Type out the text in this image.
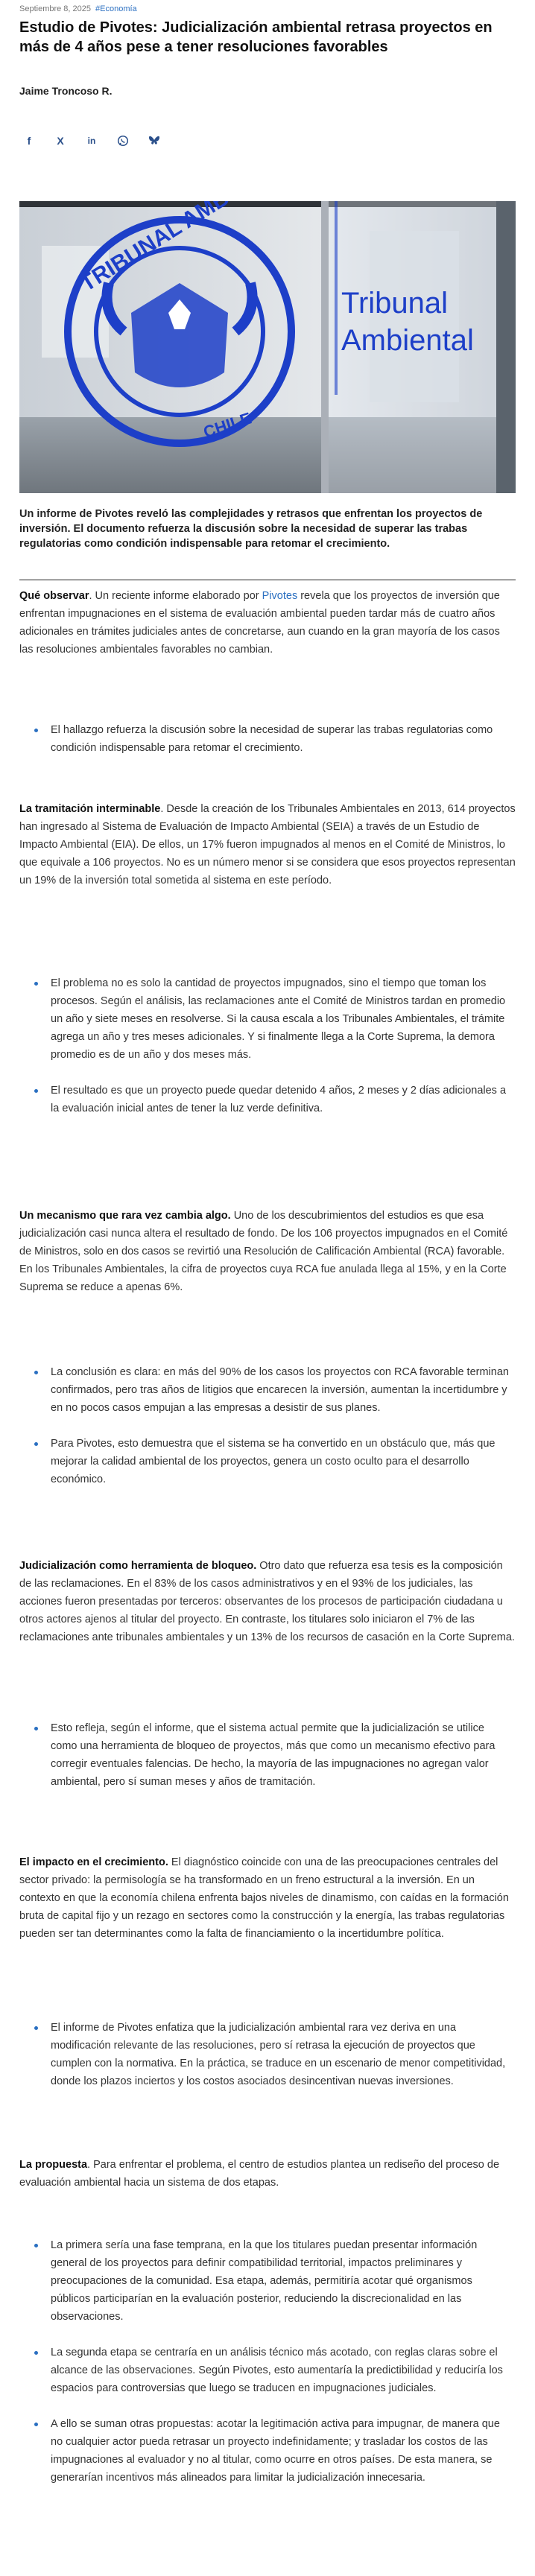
Septiembre 8, 2025 #Economía
Estudio de Pivotes: Judicialización ambiental retrasa proyectos en más de 4 años pese a tener resoluciones favorables
Jaime Troncoso R.
f	X	in
CHILE
Tribunal
Ambiental
Un informe de Pivotes reveló las complejidades y retrasos que enfrentan los proyectos de inversión. El documento refuerza la discusión sobre la necesidad de superar las trabas regulatorias como condición indispensable para retomar el crecimiento.

Qué observar. Un reciente informe elaborado por Pivotes revela que los proyectos de inversión que enfrentan impugnaciones en el sistema de evaluación ambiental pueden tardar más de cuatro años adicionales en trámites judiciales antes de concretarse, aun cuando en la gran mayoría de los casos las resoluciones ambientales favorables no cambian.

El hallazgo refuerza la discusión sobre la necesidad de superar las trabas regulatorias como condición indispensable para retomar el crecimiento.

La tramitación interminable. Desde la creación de los Tribunales Ambientales en 2013, 614 proyectos han ingresado al Sistema de Evaluación de Impacto Ambiental (SEIA) a través de un Estudio de Impacto Ambiental (EIA). De ellos, un 17% fueron impugnados al menos en el Comité de Ministros, lo que equivale a 106 proyectos. No es un número menor si se considera que esos proyectos representan un 19% de la inversión total sometida al sistema en este período.

El problema no es solo la cantidad de proyectos impugnados, sino el tiempo que toman los procesos. Según el análisis, las reclamaciones ante el Comité de Ministros tardan en promedio un año y siete meses en resolverse. Si la causa escala a los Tribunales Ambientales, el trámite agrega un año y tres meses adicionales. Y si finalmente llega a la Corte Suprema, la demora promedio es de un año y dos meses más.
El resultado es que un proyecto puede quedar detenido 4 años, 2 meses y 2 días adicionales a la evaluación inicial antes de tener la luz verde definitiva.

Un mecanismo que rara vez cambia algo. Uno de los descubrimientos del estudios es que esa judicialización casi nunca altera el resultado de fondo. De los 106 proyectos impugnados en el Comité de Ministros, solo en dos casos se revirtió una Resolución de Calificación Ambiental (RCA) favorable. En los Tribunales Ambientales, la cifra de proyectos cuya RCA fue anulada llega al 15%, y en la Corte Suprema se reduce a apenas 6%.

La conclusión es clara: en más del 90% de los casos los proyectos con RCA favorable terminan confirmados, pero tras años de litigios que encarecen la inversión, aumentan la incertidumbre y en no pocos casos empujan a las empresas a desistir de sus planes.
Para Pivotes, esto demuestra que el sistema se ha convertido en un obstáculo que, más que mejorar la calidad ambiental de los proyectos, genera un costo oculto para el desarrollo económico.

Judicialización como herramienta de bloqueo. Otro dato que refuerza esa tesis es la composición de las reclamaciones. En el 83% de los casos administrativos y en el 93% de los judiciales, las acciones fueron presentadas por terceros: observantes de los procesos de participación ciudadana u otros actores ajenos al titular del proyecto. En contraste, los titulares solo iniciaron el 7% de las reclamaciones ante tribunales ambientales y un 13% de los recursos de casación en la Corte Suprema.

Esto refleja, según el informe, que el sistema actual permite que la judicialización se utilice como una herramienta de bloqueo de proyectos, más que como un mecanismo efectivo para corregir eventuales falencias. De hecho, la mayoría de las impugnaciones no agregan valor ambiental, pero sí suman meses y años de tramitación.

El impacto en el crecimiento. El diagnóstico coincide con una de las preocupaciones centrales del sector privado: la permisología se ha transformado en un freno estructural a la inversión. En un contexto en que la economía chilena enfrenta bajos niveles de dinamismo, con caídas en la formación bruta de capital fijo y un rezago en sectores como la construcción y la energía, las trabas regulatorias pueden ser tan determinantes como la falta de financiamiento o la incertidumbre política.

El informe de Pivotes enfatiza que la judicialización ambiental rara vez deriva en una modificación relevante de las resoluciones, pero sí retrasa la ejecución de proyectos que cumplen con la normativa. En la práctica, se traduce en un escenario de menor competitividad, donde los plazos inciertos y los costos asociados desincentivan nuevas inversiones.

La propuesta. Para enfrentar el problema, el centro de estudios plantea un rediseño del proceso de evaluación ambiental hacia un sistema de dos etapas.

La primera sería una fase temprana, en la que los titulares puedan presentar información general de los proyectos para definir compatibilidad territorial, impactos preliminares y preocupaciones de la comunidad. Esa etapa, además, permitiría acotar qué organismos públicos participarían en la evaluación posterior, reduciendo la discrecionalidad en las observaciones.
La segunda etapa se centraría en un análisis técnico más acotado, con reglas claras sobre el alcance de las observaciones. Según Pivotes, esto aumentaría la predictibilidad y reduciría los espacios para controversias que luego se traducen en impugnaciones judiciales.
A ello se suman otras propuestas: acotar la legitimación activa para impugnar, de manera que no cualquier actor pueda retrasar un proyecto indefinidamente; y trasladar los costos de las impugnaciones al evaluador y no al titular, como ocurre en otros países. De esta manera, se generarían incentivos más alineados para limitar la judicialización innecesaria.
